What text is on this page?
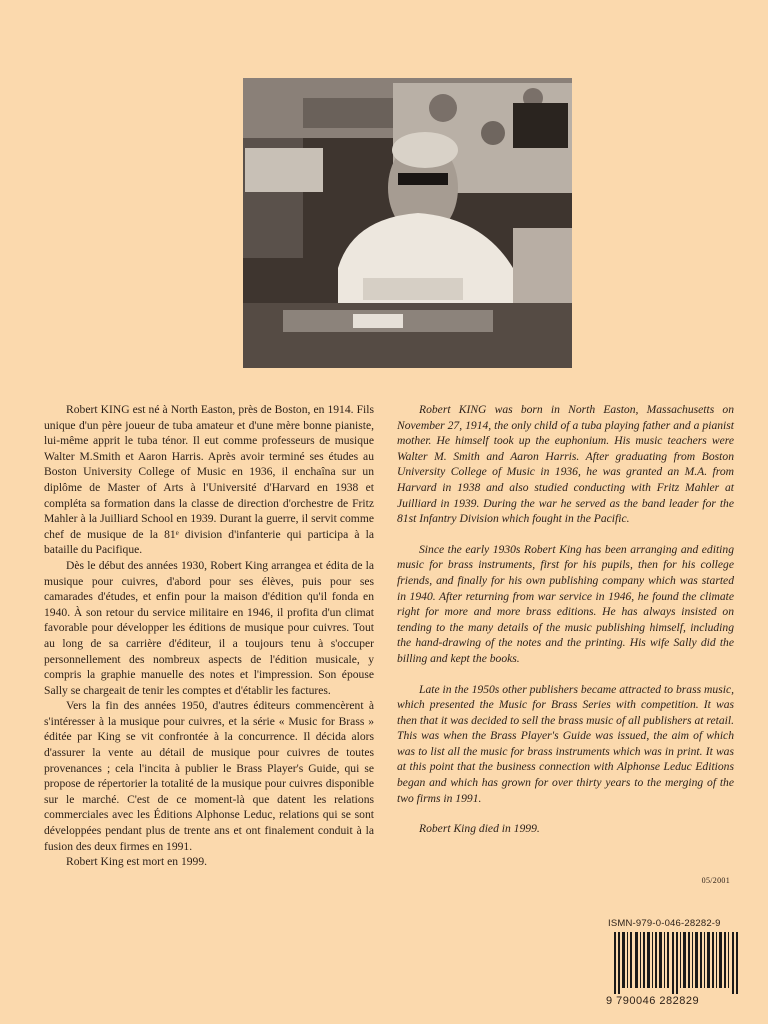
Robert KING est né à North Easton, près de Boston, en 1914. Fils unique d'un père joueur de tuba amateur et d'une mère bonne pianiste, lui-même apprit le tuba ténor. Il eut comme professeurs de musique Walter M.Smith et Aaron Harris. Après avoir terminé ses études au Boston University College of Music en 1936, il enchaîna sur un diplôme de Master of Arts à l'Université d'Harvard en 1938 et compléta sa formation dans la classe de direction d'orchestre de Fritz Mahler à la Juilliard School en 1939. Durant la guerre, il servit comme chef de musique de la 81ᵉ division d'infanterie qui participa à la bataille du Pacifique.

Dès le début des années 1930, Robert King arrangea et édita de la musique pour cuivres, d'abord pour ses élèves, puis pour ses camarades d'études, et enfin pour la maison d'édition qu'il fonda en 1940. À son retour du service militaire en 1946, il profita d'un climat favorable pour développer les éditions de musique pour cuivres. Tout au long de sa carrière d'éditeur, il a toujours tenu à s'occuper personnellement des nombreux aspects de l'édition musicale, y compris la graphie manuelle des notes et l'impression. Son épouse Sally se chargeait de tenir les comptes et d'établir les factures.

Vers la fin des années 1950, d'autres éditeurs commencèrent à s'intéresser à la musique pour cuivres, et la série « Music for Brass » éditée par King se vit confrontée à la concurrence. Il décida alors d'assurer la vente au détail de musique pour cuivres de toutes provenances ; cela l'incita à publier le Brass Player's Guide, qui se propose de répertorier la totalité de la musique pour cuivres disponible sur le marché. C'est de ce moment-là que datent les relations commerciales avec les Éditions Alphonse Leduc, relations qui se sont développées pendant plus de trente ans et ont finalement conduit à la fusion des deux firmes en 1991.

Robert King est mort en 1999.

Robert KING was born in North Easton, Massachusetts on November 27, 1914, the only child of a tuba playing father and a pianist mother. He himself took up the euphonium. His music teachers were Walter M. Smith and Aaron Harris. After graduating from Boston University College of Music in 1936, he was granted an M.A. from Harvard in 1938 and also studied conducting with Fritz Mahler at Juilliard in 1939. During the war he served as the band leader for the 81st Infantry Division which fought in the Pacific.

Since the early 1930s Robert King has been arranging and editing music for brass instruments, first for his pupils, then for his college friends, and finally for his own publishing company which was started in 1940. After returning from war service in 1946, he found the climate right for more and more brass editions. He has always insisted on tending to the many details of the music publishing himself, including the hand-drawing of the notes and the printing. His wife Sally did the billing and kept the books.

Late in the 1950s other publishers became attracted to brass music, which presented the Music for Brass Series with competition. It was then that it was decided to sell the brass music of all publishers at retail. This was when the Brass Player's Guide was issued, the aim of which was to list all the music for brass instruments which was in print. It was at this point that the business connection with Alphonse Leduc Editions began and which has grown for over thirty years to the merging of the two firms in 1991.

Robert King died in 1999.

05/2001
ISMN-979-0-046-28282-9
9 790046 282829
